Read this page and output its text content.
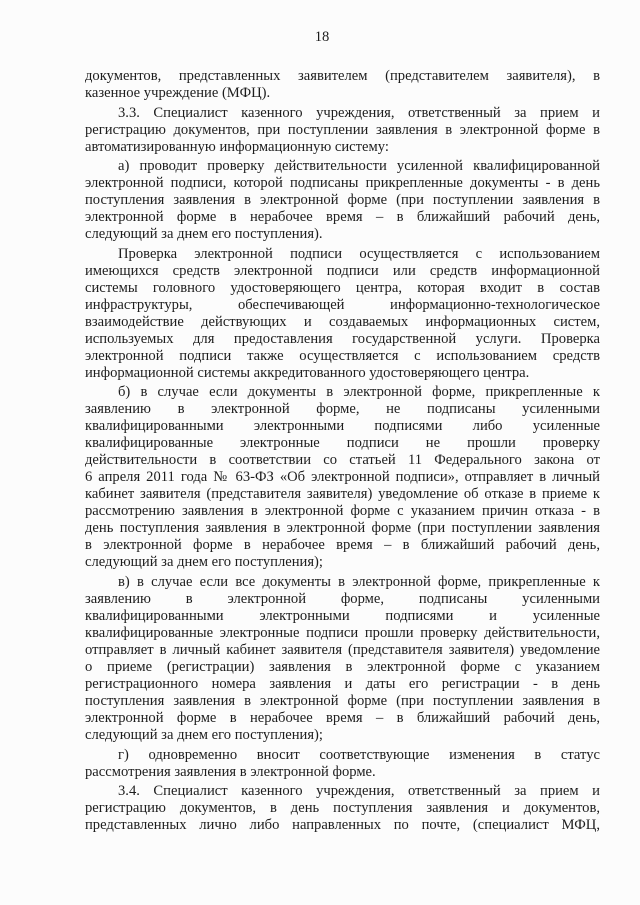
18
документов, представленных заявителем (представителем заявителя), в
казенное учреждение (МФЦ).
3.3. Специалист казенного учреждения, ответственный за прием и
регистрацию документов, при поступлении заявления в электронной форме в
автоматизированную информационную систему:
а) проводит проверку действительности усиленной квалифицированной
электронной подписи, которой подписаны прикрепленные документы - в день
поступления заявления в электронной форме (при поступлении заявления в
электронной форме в нерабочее время – в ближайший рабочий день,
следующий за днем его поступления).
Проверка электронной подписи осуществляется с использованием
имеющихся средств электронной подписи или средств информационной
системы головного удостоверяющего центра, которая входит в состав
инфраструктуры, обеспечивающей информационно-технологическое
взаимодействие действующих и создаваемых информационных систем,
используемых для предоставления государственной услуги. Проверка
электронной подписи также осуществляется с использованием средств
информационной системы аккредитованного удостоверяющего центра.
б) в случае если документы в электронной форме, прикрепленные к
заявлению в электронной форме, не подписаны усиленными
квалифицированными электронными подписями либо усиленные
квалифицированные электронные подписи не прошли проверку
действительности в соответствии со статьей 11 Федерального закона от
6 апреля 2011 года № 63-ФЗ «Об электронной подписи», отправляет в личный
кабинет заявителя (представителя заявителя) уведомление об отказе в приеме к
рассмотрению заявления в электронной форме с указанием причин отказа - в
день поступления заявления в электронной форме (при поступлении заявления
в электронной форме в нерабочее время – в ближайший рабочий день,
следующий за днем его поступления);
в) в случае если все документы в электронной форме, прикрепленные к
заявлению в электронной форме, подписаны усиленными
квалифицированными электронными подписями и усиленные
квалифицированные электронные подписи прошли проверку действительности,
отправляет в личный кабинет заявителя (представителя заявителя) уведомление
о приеме (регистрации) заявления в электронной форме с указанием
регистрационного номера заявления и даты его регистрации - в день
поступления заявления в электронной форме (при поступлении заявления в
электронной форме в нерабочее время – в ближайший рабочий день,
следующий за днем его поступления);
г) одновременно вносит соответствующие изменения в статус
рассмотрения заявления в электронной форме.
3.4. Специалист казенного учреждения, ответственный за прием и
регистрацию документов, в день поступления заявления и документов,
представленных лично либо направленных по почте, (специалист МФЦ,
